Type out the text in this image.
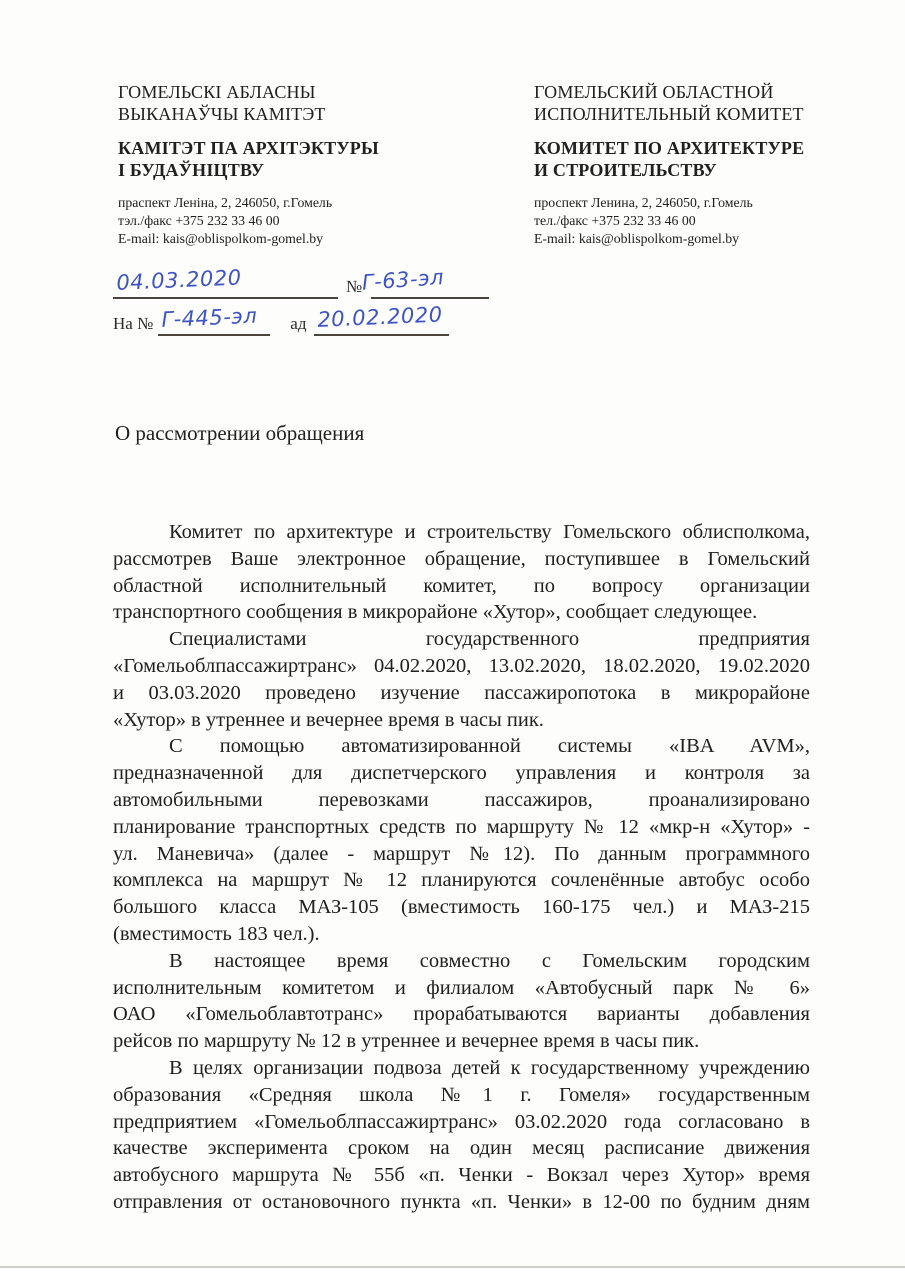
ГОМЕЛЬСКІ АБЛАСНЫ
ВЫКАНАЎЧЫ КАМІТЭТ
КАМІТЭТ ПА АРХІТЭКТУРЫ
І БУДАЎНІЦТВУ
праспект Леніна, 2, 246050, г.Гомель
тэл./факс +375 232 33 46 00
E-mail: kais@oblispolkom-gomel.by
ГОМЕЛЬСКИЙ ОБЛАСТНОЙ
ИСПОЛНИТЕЛЬНЫЙ КОМИТЕТ
КОМИТЕТ ПО АРХИТЕКТУРЕ
И СТРОИТЕЛЬСТВУ
проспект Ленина, 2, 246050, г.Гомель
тел./факс +375 232 33 46 00
E-mail: kais@oblispolkom-gomel.by
04.03.2020	№ Г-63-эл
На № Г-445-эл	ад 20.02.2020
О рассмотрении обращения
Комитет по архитектуре и строительству Гомельского облисполкома,
рассмотрев Ваше электронное обращение, поступившее в Гомельский
областной исполнительный комитет, по вопросу организации
транспортного сообщения в микрорайоне «Хутор», сообщает следующее.
Специалистами государственного предприятия
«Гомельоблпассажиртранс» 04.02.2020, 13.02.2020, 18.02.2020, 19.02.2020
и 03.03.2020 проведено изучение пассажиропотока в микрорайоне
«Хутор» в утреннее и вечернее время в часы пик.
С помощью автоматизированной системы «IBA AVM»,
предназначенной для диспетчерского управления и контроля за
автомобильными перевозками пассажиров, проанализировано
планирование транспортных средств по маршруту № 12 «мкр-н «Хутор» -
ул. Маневича» (далее - маршрут №12). По данным программного
комплекса на маршрут № 12 планируются сочленённые автобус особо
большого класса МАЗ-105 (вместимость 160-175 чел.) и МАЗ-215
(вместимость 183 чел.).
В настоящее время совместно с Гомельским городским
исполнительным комитетом и филиалом «Автобусный парк № 6»
ОАО «Гомельоблавтотранс» прорабатываются варианты добавления
рейсов по маршруту № 12 в утреннее и вечернее время в часы пик.
В целях организации подвоза детей к государственному учреждению
образования «Средняя школа №1 г. Гомеля» государственным
предприятием «Гомельоблпассажиртранс» 03.02.2020 года согласовано в
качестве эксперимента сроком на один месяц расписание движения
автобусного маршрута № 55б «п. Ченки - Вокзал через Хутор» время
отправления от остановочного пункта «п. Ченки» в 12-00 по будним дням
